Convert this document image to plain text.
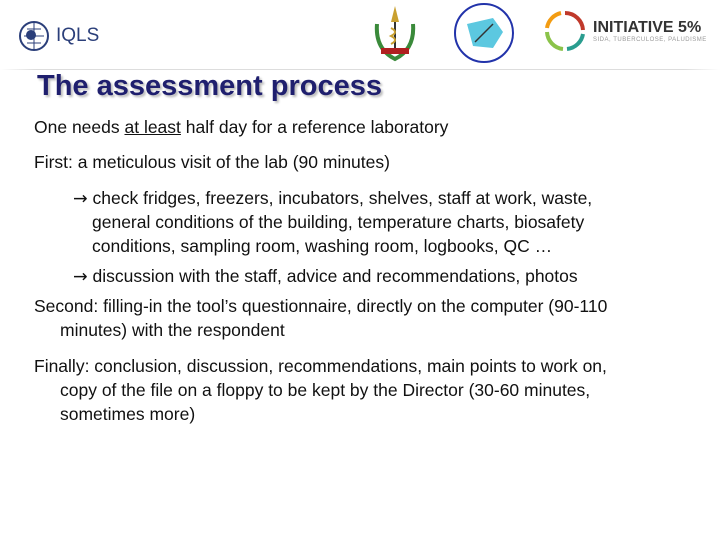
IQLS	INITIATIVE 5%
SIDA, TUBERCULOSE, PALUDISME
The assessment process
One needs at least half day for a reference laboratory
First: a meticulous visit of the lab (90 minutes)
→ check fridges, freezers, incubators, shelves, staff at work, waste,
general conditions of the building, temperature charts, biosafety
conditions, sampling room, washing room, logbooks, QC …
→ discussion with the staff, advice and recommendations, photos
Second: filling-in the tool’s questionnaire, directly on the computer (90-110
minutes) with the respondent
Finally: conclusion, discussion, recommendations, main points to work on,
copy of the file on a floppy to be kept by the Director (30-60 minutes,
sometimes more)
